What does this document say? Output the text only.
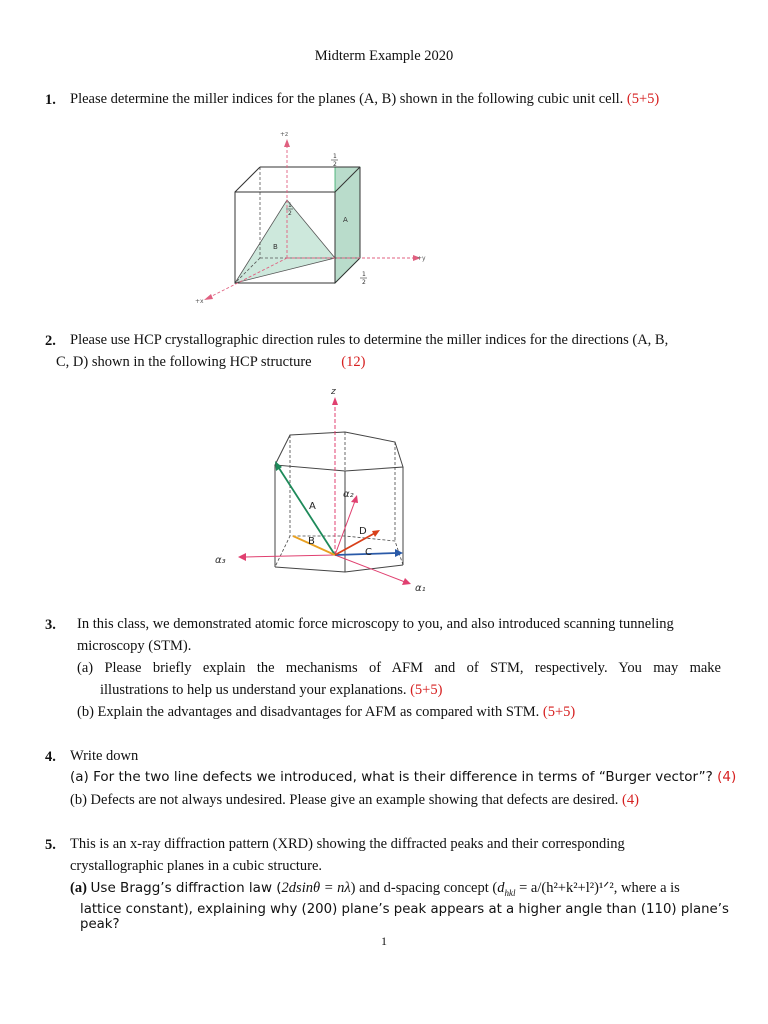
Midterm Example 2020
1. Please determine the miller indices for the planes (A, B) shown in the following cubic unit cell. (5+5)
+z
+y
+x
A
B
1
2
1
2
1
2
2. Please use HCP crystallographic direction rules to determine the miller indices for the directions (A, B,
C, D) shown in the following HCP structure (12)
z
α₁
α₂
α₃
A
B
C
D
3. In this class, we demonstrated atomic force microscopy to you, and also introduced scanning tunneling
microscopy (STM).
(a) Please briefly explain the mechanisms of AFM and of STM, respectively. You may make
illustrations to help us understand your explanations. (5+5)
(b) Explain the advantages and disadvantages for AFM as compared with STM. (5+5)
4. Write down
(a) For the two line defects we introduced, what is their difference in terms of “Burger vector”? (4)
(b) Defects are not always undesired. Please give an example showing that defects are desired. (4)
5. This is an x-ray diffraction pattern (XRD) showing the diffracted peaks and their corresponding
crystallographic planes in a cubic structure.
(a) Use Bragg’s diffraction law (2dsinθ = nλ) and d-spacing concept ($d_{hkl}$ = a/(h²+k²+l²)¹ᐟ², where a is
lattice constant), explaining why (200) plane’s peak appears at a higher angle than (110) plane’s peak?
1
